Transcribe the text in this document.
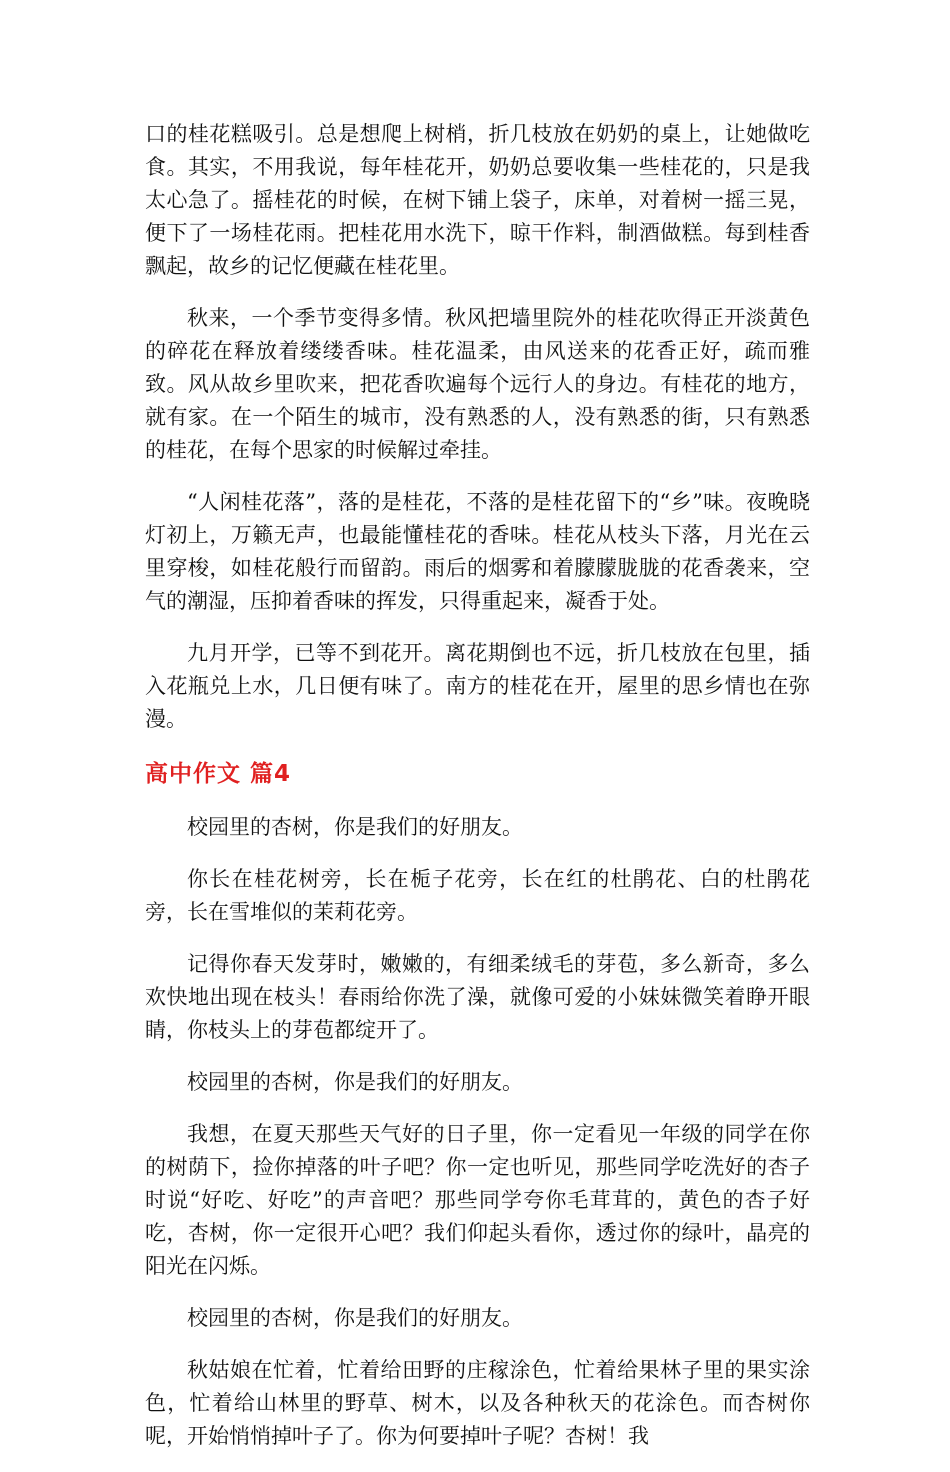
口的桂花糕吸引。总是想爬上树梢，折几枝放在奶奶的桌上，让她做吃食。其实，不用我说，每年桂花开，奶奶总要收集一些桂花的，只是我太心急了。摇桂花的时候，在树下铺上袋子，床单，对着树一摇三晃，便下了一场桂花雨。把桂花用水洗下，晾干作料，制酒做糕。每到桂香飘起，故乡的记忆便藏在桂花里。

秋来，一个季节变得多情。秋风把墙里院外的桂花吹得正开淡黄色的碎花在释放着缕缕香味。桂花温柔，由风送来的花香正好，疏而雅致。风从故乡里吹来，把花香吹遍每个远行人的身边。有桂花的地方，就有家。在一个陌生的城市，没有熟悉的人，没有熟悉的街，只有熟悉的桂花，在每个思家的时候解过牵挂。

“人闲桂花落”，落的是桂花，不落的是桂花留下的“乡”味。夜晚晓灯初上，万籁无声，也最能懂桂花的香味。桂花从枝头下落，月光在云里穿梭，如桂花般行而留韵。雨后的烟雾和着朦朦胧胧的花香袭来，空气的潮湿，压抑着香味的挥发，只得重起来，凝香于处。

九月开学，已等不到花开。离花期倒也不远，折几枝放在包里，插入花瓶兑上水，几日便有味了。南方的桂花在开，屋里的思乡情也在弥漫。

高中作文 篇4

校园里的杏树，你是我们的好朋友。

你长在桂花树旁，长在栀子花旁，长在红的杜鹃花、白的杜鹃花旁，长在雪堆似的茉莉花旁。

记得你春天发芽时，嫩嫩的，有细柔绒毛的芽苞，多么新奇，多么欢快地出现在枝头！春雨给你洗了澡，就像可爱的小妹妹微笑着睁开眼睛，你枝头上的芽苞都绽开了。

校园里的杏树，你是我们的好朋友。

我想，在夏天那些天气好的日子里，你一定看见一年级的同学在你的树荫下，捡你掉落的叶子吧？你一定也听见，那些同学吃洗好的杏子时说“好吃、好吃”的声音吧？那些同学夸你毛茸茸的，黄色的杏子好吃，杏树，你一定很开心吧？我们仰起头看你，透过你的绿叶，晶亮的阳光在闪烁。

校园里的杏树，你是我们的好朋友。

秋姑娘在忙着，忙着给田野的庄稼涂色，忙着给果林子里的果实涂色，忙着给山林里的野草、树木，以及各种秋天的花涂色。而杏树你呢，开始悄悄掉叶子了。你为何要掉叶子呢？杏树！我
